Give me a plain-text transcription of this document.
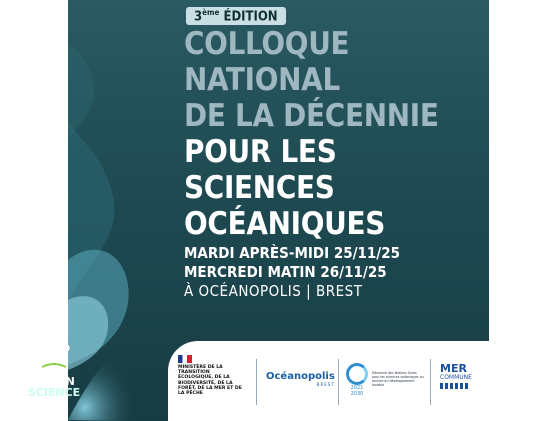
3ème ÉDITION
COLLOQUE
NATIONAL
DE LA DÉCENNIE
POUR LES SCIENCES
OCÉANIQUES
MARDI APRÈS-MIDI 25/11/25
MERCREDI MATIN 26/11/25
À OCÉANOPOLIS | BREST
MINISTÈRE DE LA TRANSITION ÉCOLOGIQUE, DE LA BIODIVERSITÉ, DE LA FORÊT, DE LA MER ET DE LA PÊCHE
Océanopolis
BREST
2021 2030
Décennie des Nations Unies pour les sciences océaniques au service du développement durable
MER
COMMUNE
GREEN
SCIENCE
7
